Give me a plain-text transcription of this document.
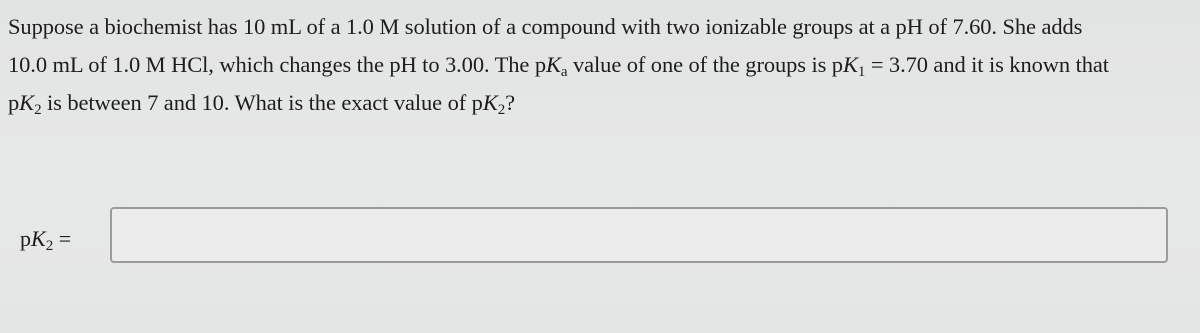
Suppose a biochemist has 10 mL of a 1.0 M solution of a compound with two ionizable groups at a pH of 7.60. She adds
10.0 mL of 1.0 M HCl, which changes the pH to 3.00. The pKa value of one of the groups is $pK_1 = 3.70$ and it is known that
$pK_2$ is between 7 and 10. What is the exact value of $pK_2$?
$pK_2$ =
